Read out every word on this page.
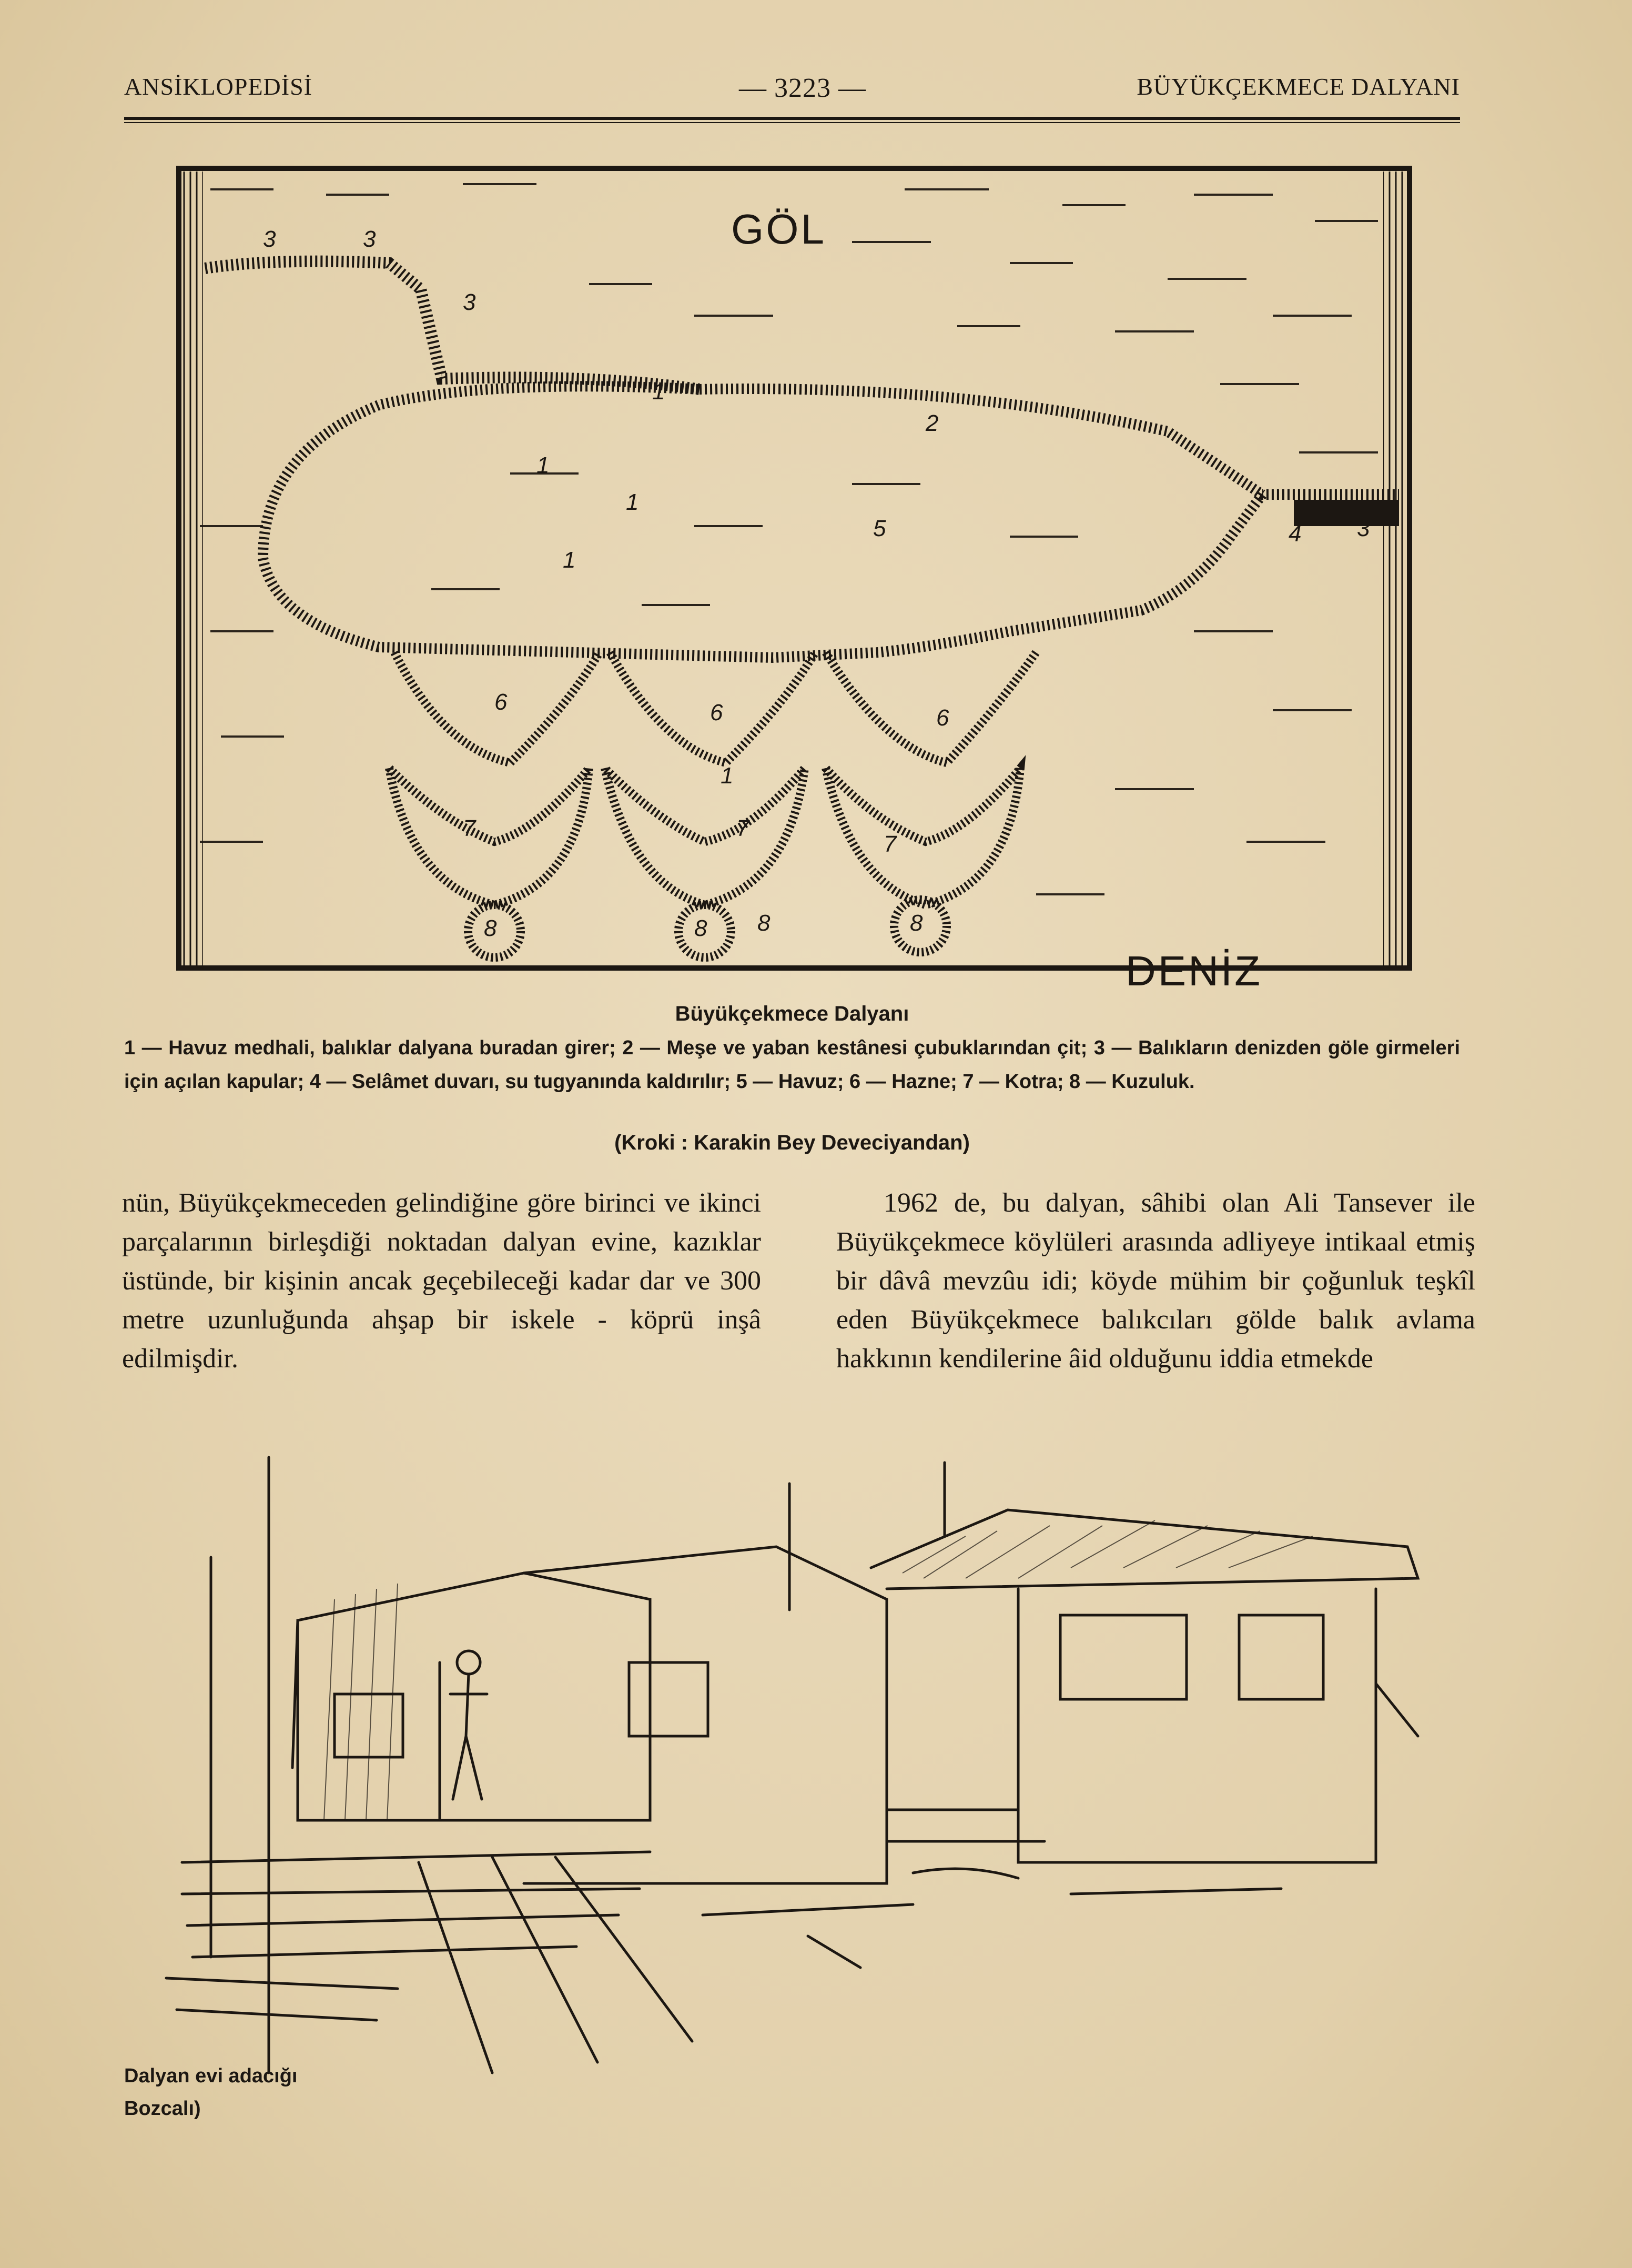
ANSİKLOPEDİSİ	— 3223 —	BÜYÜKÇEKMECE DALYANI
GÖL
DENİZ
3	3
3
1
2
1
1
1
5	4 3
6	6	6
1
7	7
7
8	8 8	8
Büyükçekmece Dalyanı
1 — Havuz medhali, balıklar dalyana buradan girer; 2 — Meşe ve yaban kestânesi çubuklarından çit; 3 — Balıkların denizden göle girmeleri için açılan kapular; 4 — Selâmet duvarı, su tugyanında kaldırılır; 5 — Havuz; 6 — Hazne; 7 — Kotra; 8 — Kuzuluk.
(Kroki : Karakin Bey Deveciyandan)

nün, Büyükçekmeceden gelindiğine göre birinci ve ikinci parçalarının birleşdiği noktadan dalyan evine, kazıklar üstünde, bir kişinin ancak geçebileceği kadar dar ve 300 metre uzunluğunda ahşap bir iskele - köprü inşâ edilmişdir.

1962 de, bu dalyan, sâhibi olan Ali Tansever ile Büyükçekmece köylüleri arasında adliyeye intikaal etmiş bir dâvâ mevzûu idi; köyde mühim bir çoğunluk teşkîl eden Büyükçekmece balıkcıları gölde balık avlama hakkının kendilerine âid olduğunu iddia etmekde

Dalyan evi adacığı
Bozcalı)
